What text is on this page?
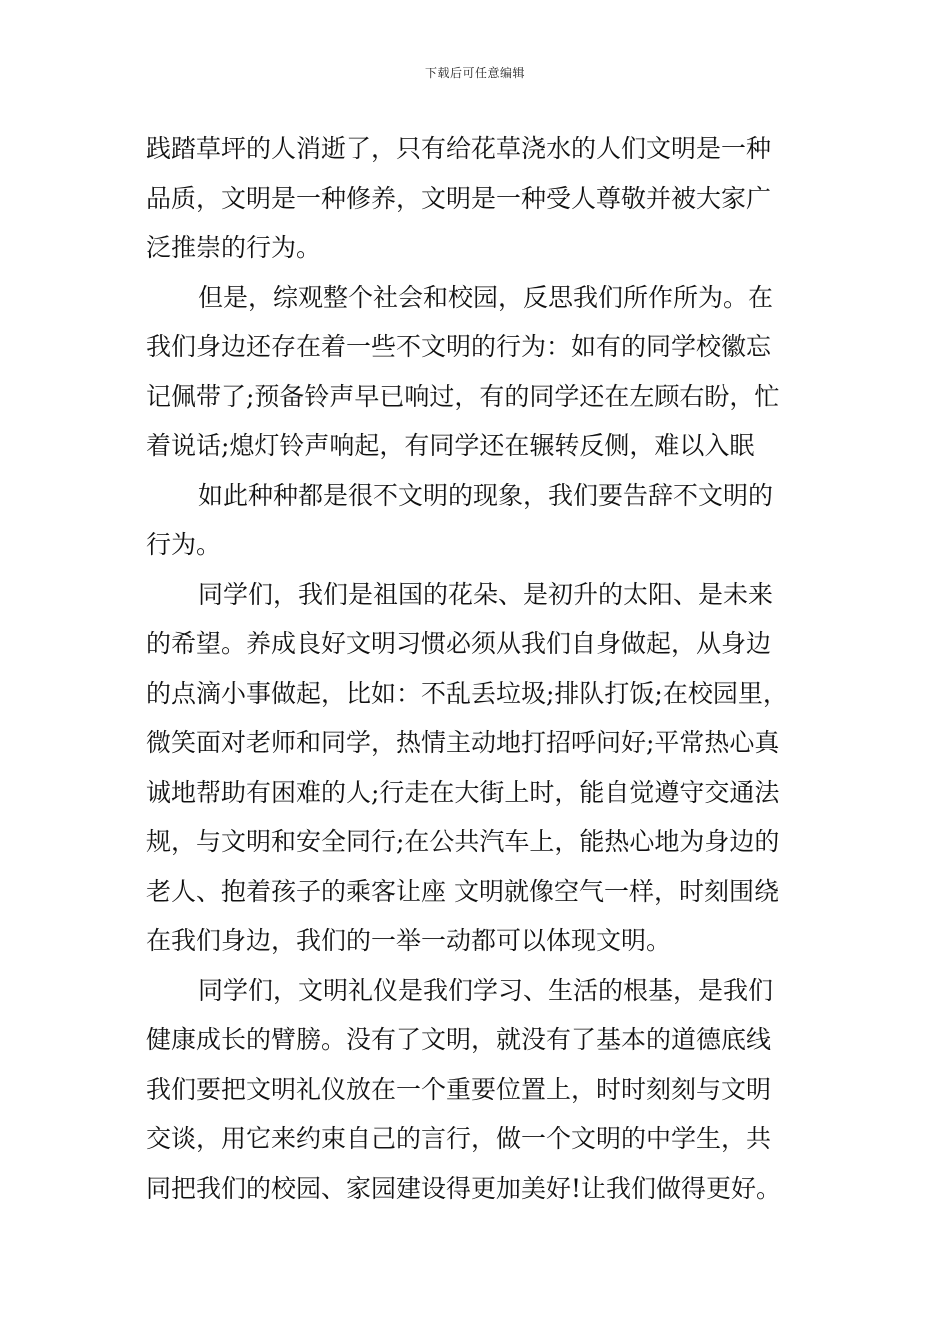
下载后可任意编辑
践踏草坪的人消逝了，只有给花草浇水的人们文明是一种
品质，文明是一种修养，文明是一种受人尊敬并被大家广
泛推崇的行为。
但是，综观整个社会和校园，反思我们所作所为。在
我们身边还存在着一些不文明的行为：如有的同学校徽忘
记佩带了;预备铃声早已响过，有的同学还在左顾右盼，忙
着说话;熄灯铃声响起，有同学还在辗转反侧，难以入眠
如此种种都是很不文明的现象，我们要告辞不文明的
行为。
同学们，我们是祖国的花朵、是初升的太阳、是未来
的希望。养成良好文明习惯必须从我们自身做起，从身边
的点滴小事做起，比如：不乱丢垃圾;排队打饭;在校园里，
微笑面对老师和同学，热情主动地打招呼问好;平常热心真
诚地帮助有困难的人;行走在大街上时，能自觉遵守交通法
规，与文明和安全同行;在公共汽车上，能热心地为身边的
老人、抱着孩子的乘客让座 文明就像空气一样，时刻围绕
在我们身边，我们的一举一动都可以体现文明。
同学们，文明礼仪是我们学习、生活的根基，是我们
健康成长的臂膀。没有了文明，就没有了基本的道德底线
我们要把文明礼仪放在一个重要位置上，时时刻刻与文明
交谈，用它来约束自己的言行，做一个文明的中学生，共
同把我们的校园、家园建设得更加美好!让我们做得更好。
